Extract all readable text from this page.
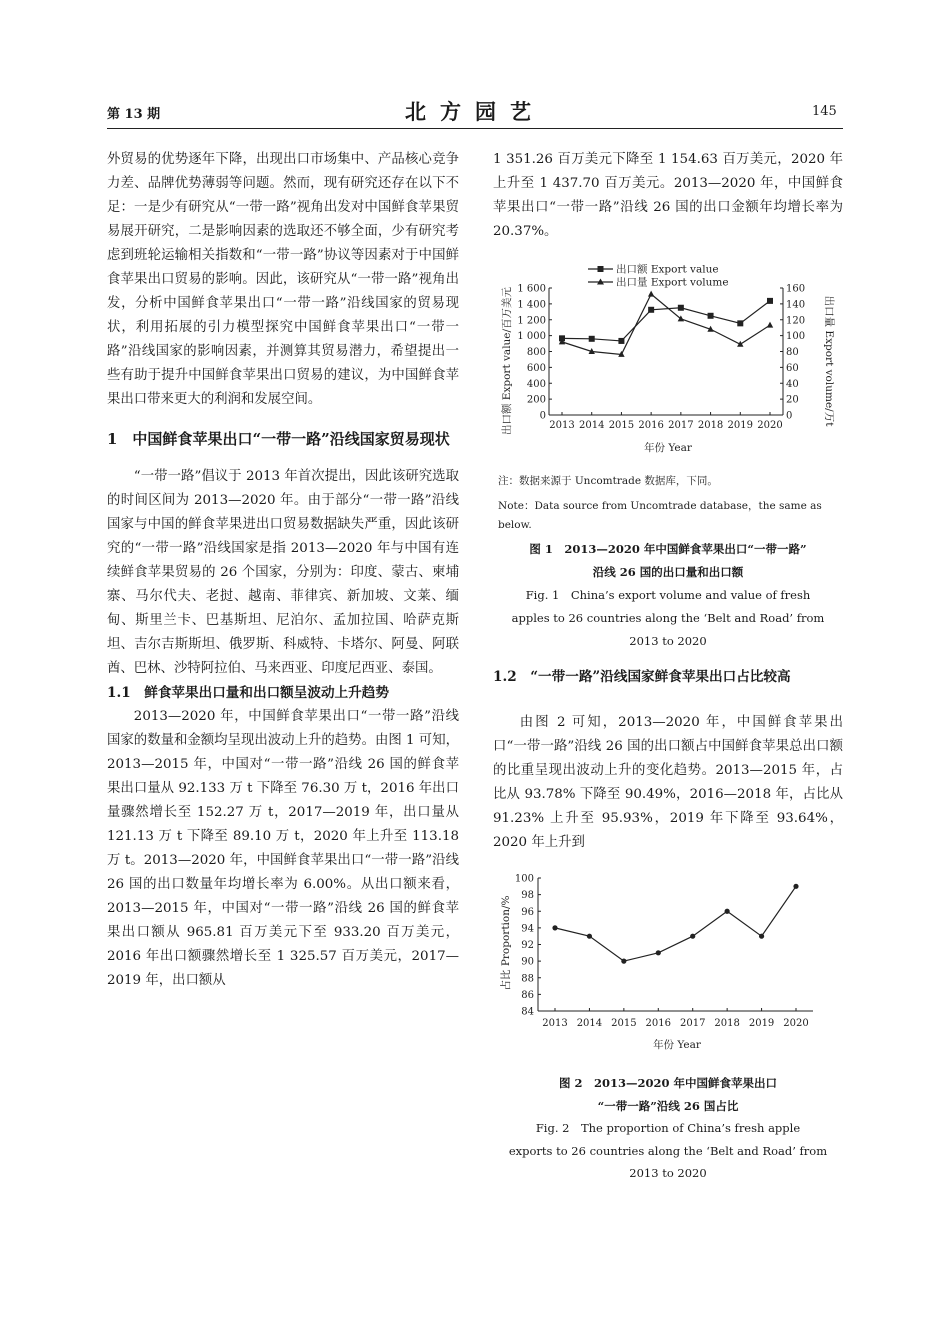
第 13 期	北方园艺	145

外贸易的优势逐年下降，出现出口市场集中、产品核心竞争力差、品牌优势薄弱等问题。然而，现有研究还存在以下不足：一是少有研究从“一带一路”视角出发对中国鲜食苹果贸易展开研究，二是影响因素的选取还不够全面，少有研究考虑到班轮运输相关指数和“一带一路”协议等因素对于中国鲜食苹果出口贸易的影响。因此，该研究从“一带一路”视角出发，分析中国鲜食苹果出口“一带一路”沿线国家的贸易现状，利用拓展的引力模型探究中国鲜食苹果出口“一带一路”沿线国家的影响因素，并测算其贸易潜力，希望提出一些有助于提升中国鲜食苹果出口贸易的建议，为中国鲜食苹果出口带来更大的利润和发展空间。

1　中国鲜食苹果出口“一带一路”沿线国家贸易现状

“一带一路”倡议于 2013 年首次提出，因此该研究选取的时间区间为 2013—2020 年。由于部分“一带一路”沿线国家与中国的鲜食苹果进出口贸易数据缺失严重，因此该研究的“一带一路”沿线国家是指 2013—2020 年与中国有连续鲜食苹果贸易的 26 个国家，分别为：印度、蒙古、柬埔寨、马尔代夫、老挝、越南、菲律宾、新加坡、文莱、缅甸、斯里兰卡、巴基斯坦、尼泊尔、孟加拉国、哈萨克斯坦、吉尔吉斯斯坦、俄罗斯、科威特、卡塔尔、阿曼、阿联酋、巴林、沙特阿拉伯、马来西亚、印度尼西亚、泰国。

1.1　鲜食苹果出口量和出口额呈波动上升趋势

2013—2020 年，中国鲜食苹果出口“一带一路”沿线国家的数量和金额均呈现出波动上升的趋势。由图 1 可知，2013—2015 年，中国对“一带一路”沿线 26 国的鲜食苹果出口量从 92.133 万 t 下降至 76.30 万 t，2016 年出口量骤然增长至 152.27 万 t，2017—2019 年，出口量从 121.13 万 t 下降至 89.10 万 t，2020 年上升至 113.18 万 t。2013—2020 年，中国鲜食苹果出口“一带一路”沿线 26 国的出口数量年均增长率为 6.00%。从出口额来看，2013—2015 年，中国对“一带一路”沿线 26 国的鲜食苹果出口额从 965.81 百万美元下至 933.20 百万美元，2016 年出口额骤然增长至 1 325.57 百万美元，2017—2019 年，出口额从

1 351.26 百万美元下降至 1 154.63 百万美元，2020 年上升至 1 437.70 百万美元。2013—2020 年，中国鲜食苹果出口“一带一路”沿线 26 国的出口金额年均增长率为 20.37%。

0
200
400
600
800
1 000
1 200
1 400
1 600
0
20
40
60
80
100
120
140
160
2013 2014 2015 2016 2017 2018 2019 2020
出口额 Export value
出口量 Export volume
出口额 Export value/百万美元	出口量 Export volume/万t
年份 Year
注：数据来源于 Uncomtrade 数据库，下同。
Note：Data source from Uncomtrade database，the same as below.
图 1　2013—2020 年中国鲜食苹果出口“一带一路”
沿线 26 国的出口量和出口额
Fig. 1　China’s export volume and value of fresh
apples to 26 countries along the ‘Belt and Road’ from
2013 to 2020
1.2　“一带一路”沿线国家鲜食苹果出口占比较高

由图 2 可知，2013—2020 年，中国鲜食苹果出口“一带一路”沿线 26 国的出口额占中国鲜食苹果总出口额的比重呈现出波动上升的变化趋势。2013—2015 年，占比从 93.78% 下降至 90.49%，2016—2018 年，占比从 91.23% 上升至 95.93%，2019 年下降至 93.64%，2020 年上升到

84
86
88
90
92
94
96
98
100
2013 2014 2015 2016 2017 2018 2019 2020
占比 Proportion/%
年份 Year
图 2　2013—2020 年中国鲜食苹果出口
“一带一路”沿线 26 国占比
Fig. 2　The proportion of China’s fresh apple
exports to 26 countries along the ‘Belt and Road’ from
2013 to 2020
